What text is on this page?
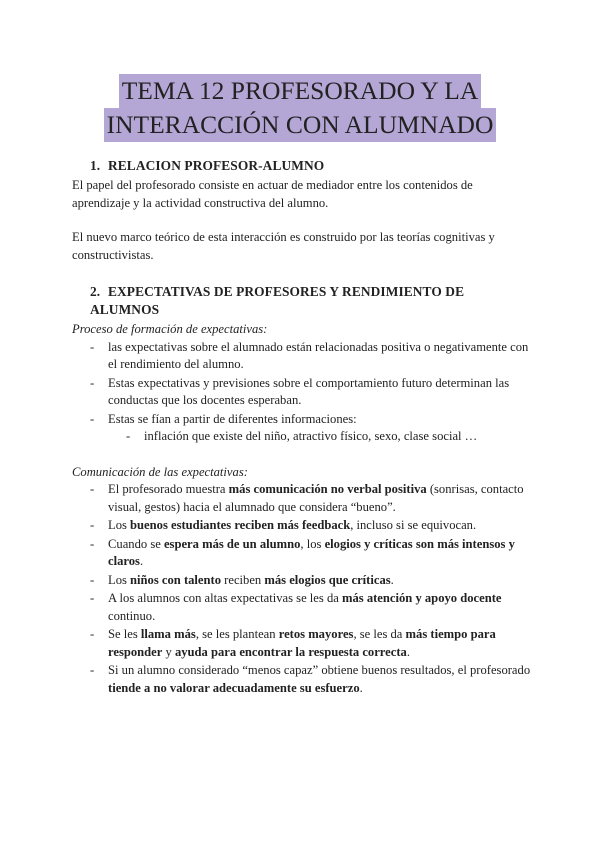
TEMA 12 PROFESORADO Y LA
INTERACCIÓN CON ALUMNADO
1. RELACION PROFESOR-ALUMNO

El papel del profesorado consiste en actuar de mediador entre los contenidos de aprendizaje y la actividad constructiva del alumno.

El nuevo marco teórico de esta interacción es construido por las teorías cognitivas y constructivistas.

2. EXPECTATIVAS DE PROFESORES Y RENDIMIENTO DE ALUMNOS

Proceso de formación de expectativas:

- las expectativas sobre el alumnado están relacionadas positiva o negativamente con el rendimiento del alumno.
- Estas expectativas y previsiones sobre el comportamiento futuro determinan las conductas que los docentes esperaban.
- Estas se fían a partir de diferentes informaciones:
- inflación que existe del niño, atractivo físico, sexo, clase social …

Comunicación de las expectativas:

- El profesorado muestra más comunicación no verbal positiva (sonrisas, contacto visual, gestos) hacia el alumnado que considera “bueno”.
- Los buenos estudiantes reciben más feedback, incluso si se equivocan.
- Cuando se espera más de un alumno, los elogios y críticas son más intensos y claros.
- Los niños con talento reciben más elogios que críticas.
- A los alumnos con altas expectativas se les da más atención y apoyo docente continuo.
- Se les llama más, se les plantean retos mayores, se les da más tiempo para responder y ayuda para encontrar la respuesta correcta.
- Si un alumno considerado “menos capaz” obtiene buenos resultados, el profesorado tiende a no valorar adecuadamente su esfuerzo.
